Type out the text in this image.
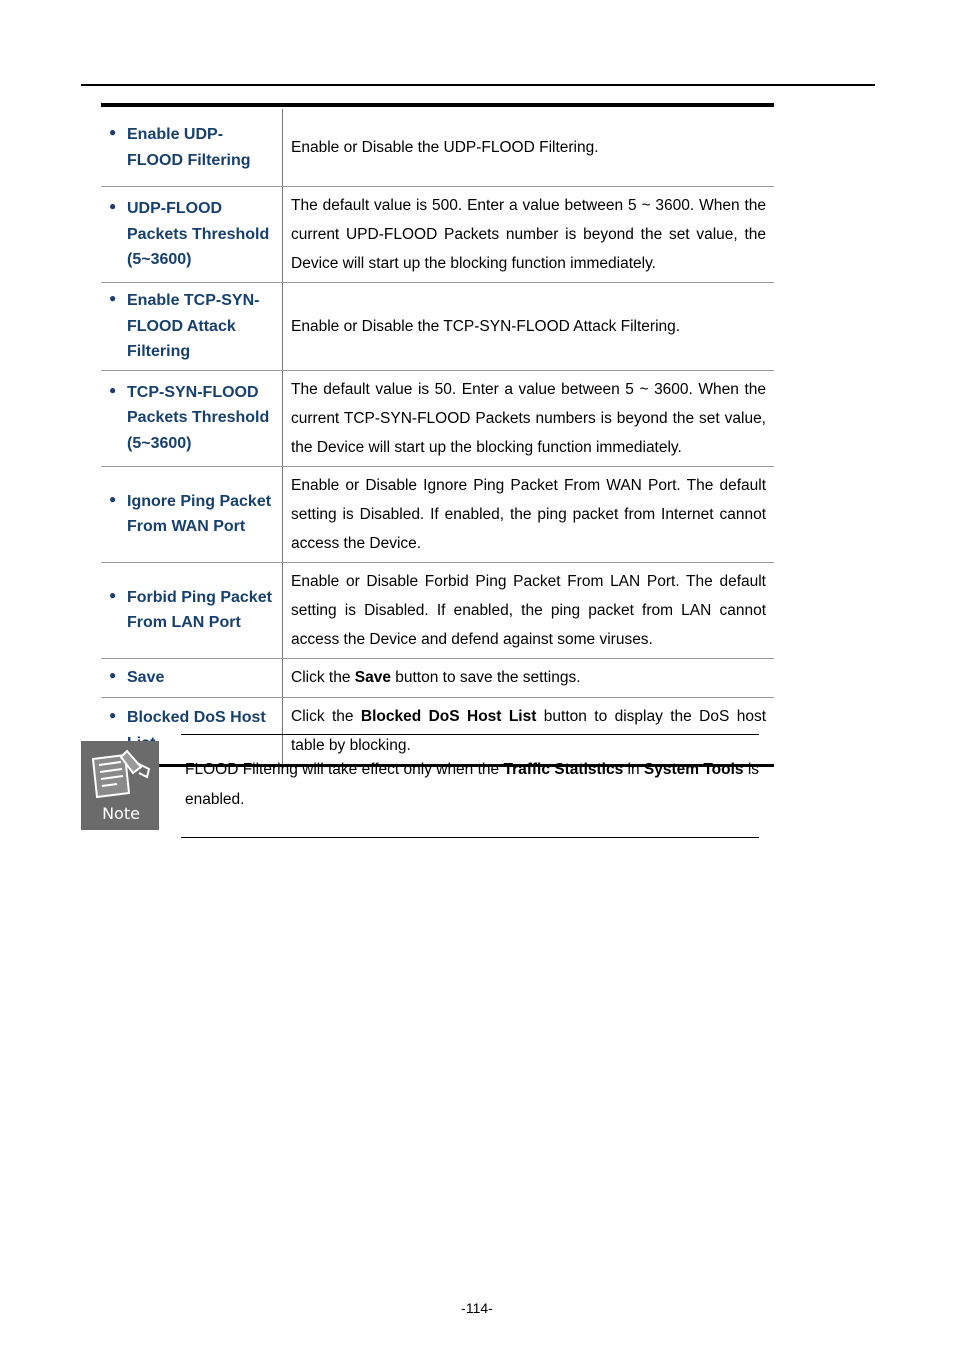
● Enable UDP-FLOOD Filtering
Enable or Disable the UDP-FLOOD Filtering.
● UDP-FLOOD Packets Threshold (5~3600)
The default value is 500. Enter a value between 5 ~ 3600. When the current UPD-FLOOD Packets number is beyond the set value, the Device will start up the blocking function immediately.
● Enable TCP-SYN-FLOOD Attack Filtering
Enable or Disable the TCP-SYN-FLOOD Attack Filtering.
● TCP-SYN-FLOOD Packets Threshold (5~3600)
The default value is 50. Enter a value between 5 ~ 3600. When the current TCP-SYN-FLOOD Packets numbers is beyond the set value, the Device will start up the blocking function immediately.
● Ignore Ping Packet From WAN Port
Enable or Disable Ignore Ping Packet From WAN Port. The default setting is Disabled. If enabled, the ping packet from Internet cannot access the Device.
● Forbid Ping Packet From LAN Port
Enable or Disable Forbid Ping Packet From LAN Port. The default setting is Disabled. If enabled, the ping packet from LAN cannot access the Device and defend against some viruses.
● Save	Click the Save button to save the settings.
● Blocked DoS Host	Click the Blocked DoS Host List button to display the DoS host table by blocking.
Note
FLOOD Filtering will take effect only when the Traffic Statistics in System Tools is enabled.
-114-
